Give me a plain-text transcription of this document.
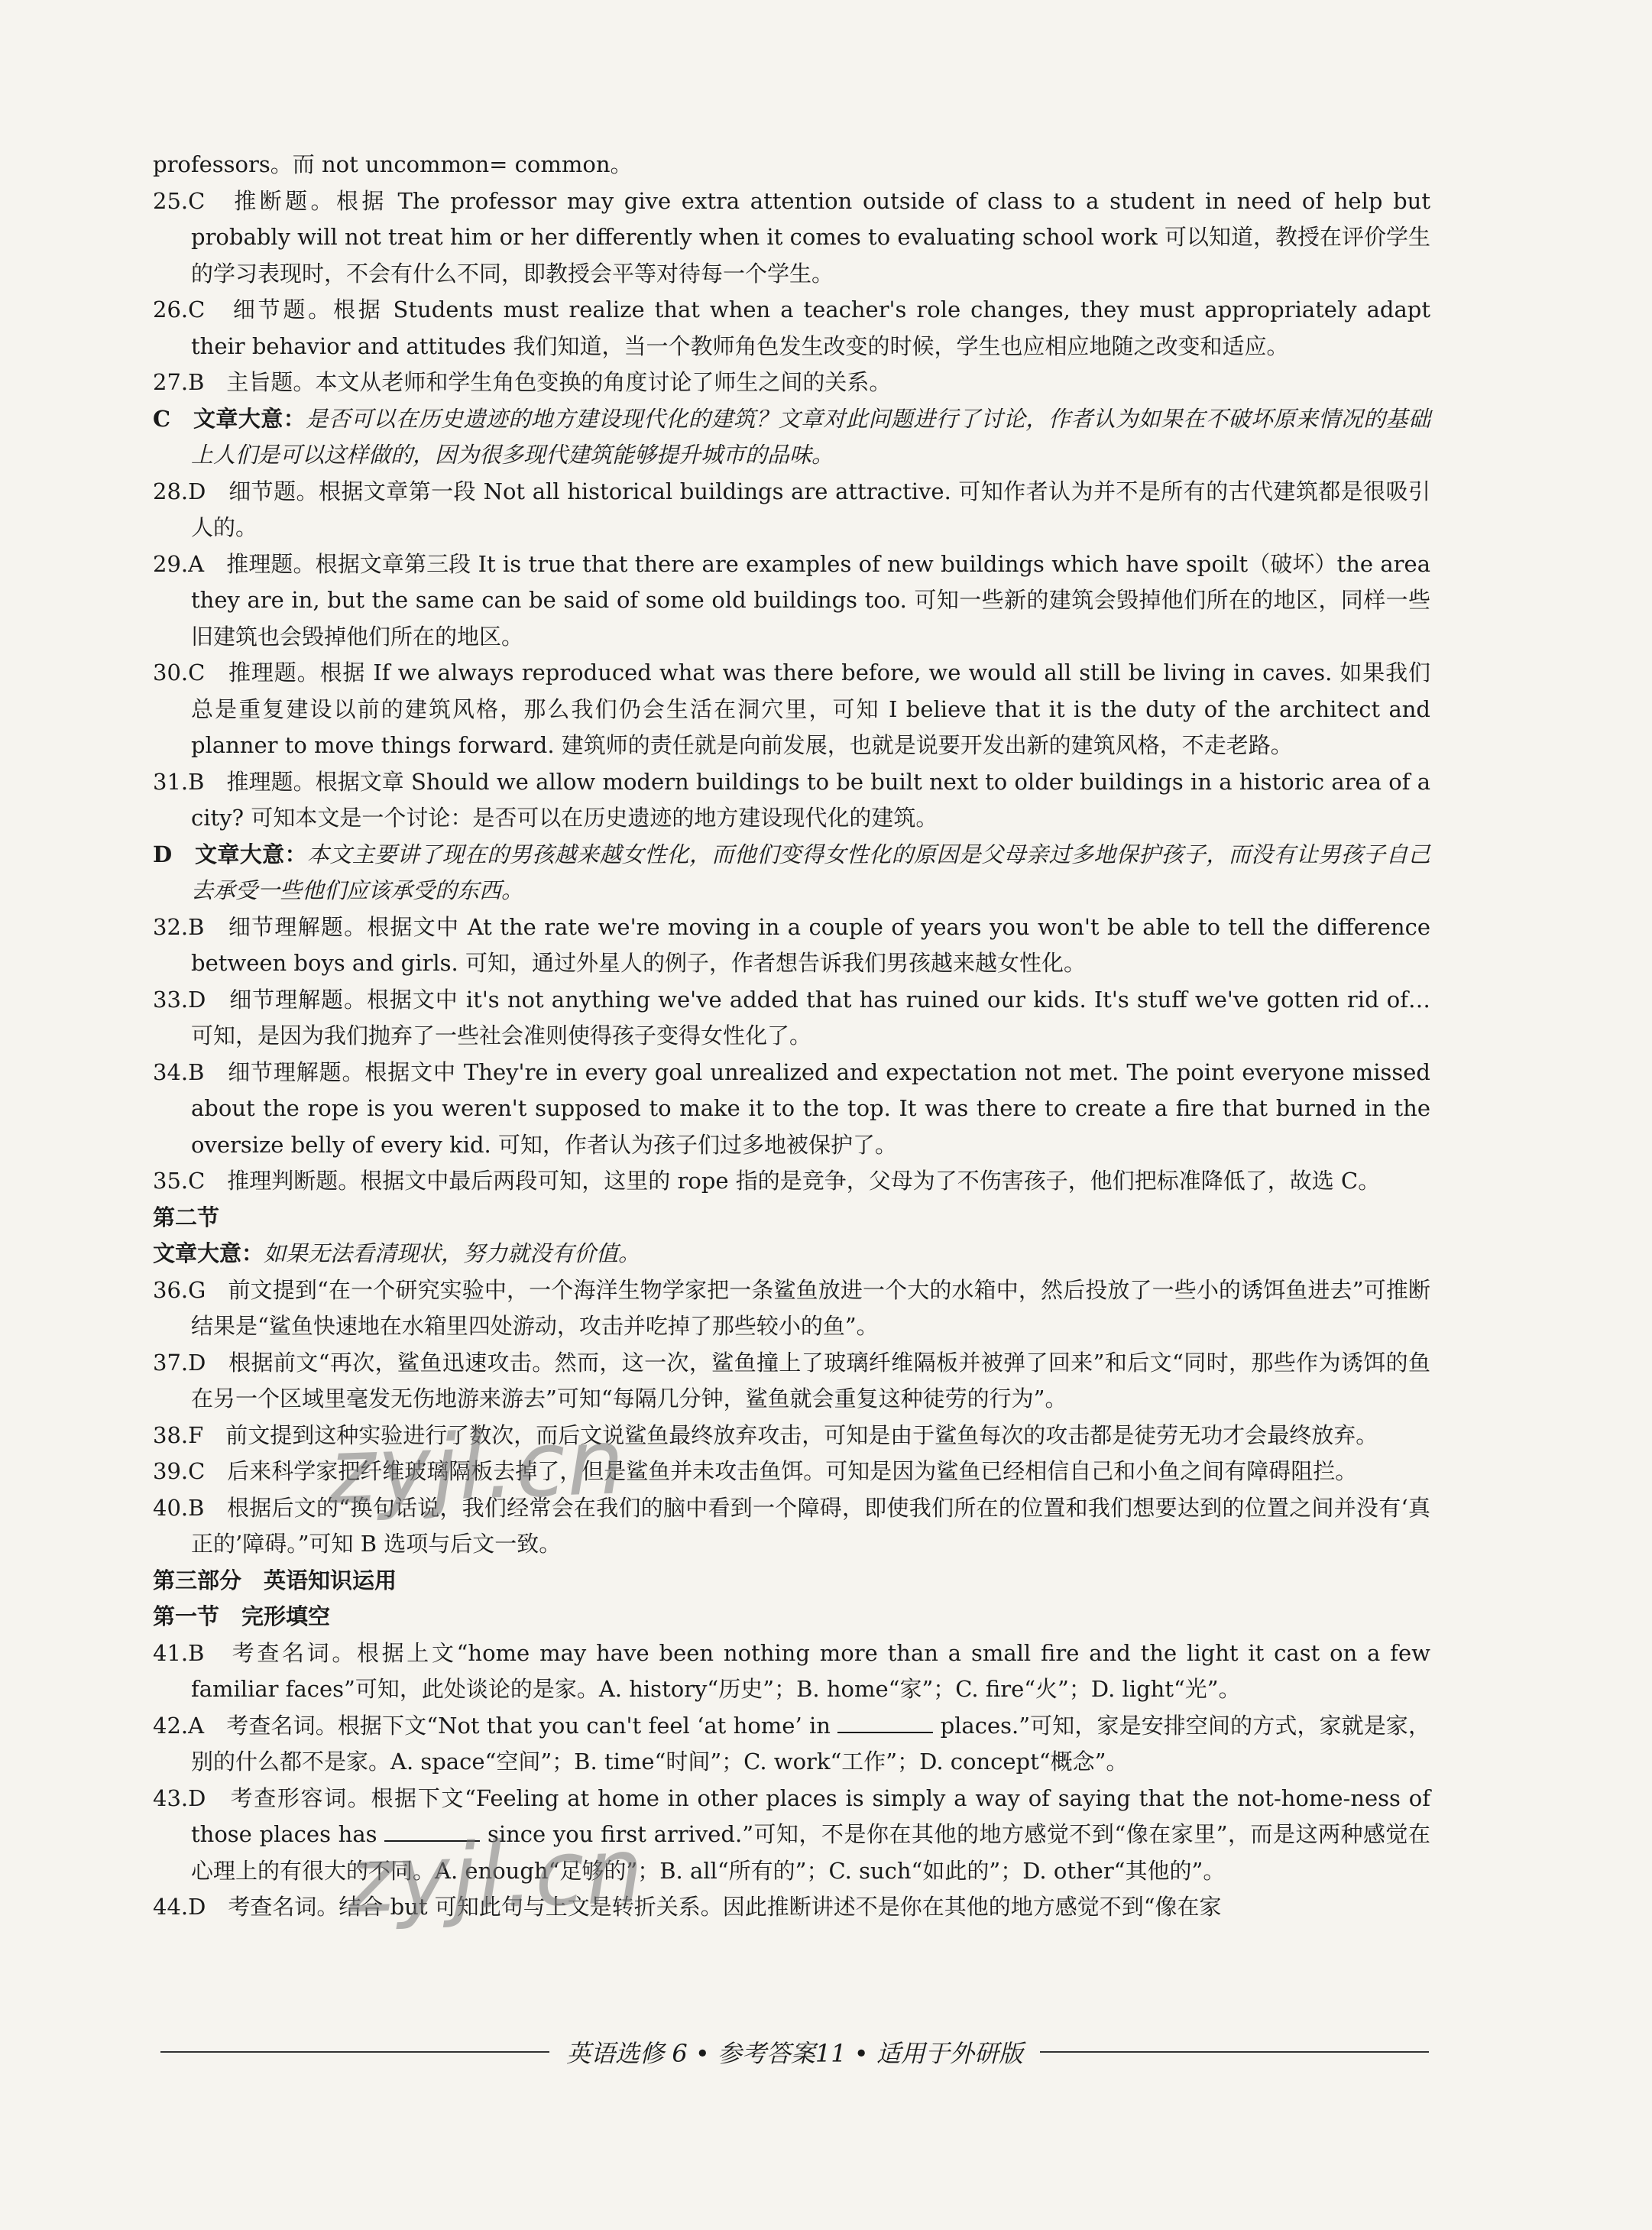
professors。而 not uncommon= common。

25.C　推断题。根据 The professor may give extra attention outside of class to a student in need of help but probably will not treat him or her differently when it comes to evaluating school work 可以知道，教授在评价学生的学习表现时，不会有什么不同，即教授会平等对待每一个学生。

26.C　细节题。根据 Students must realize that when a teacher's role changes, they must appropriately adapt their behavior and attitudes 我们知道，当一个教师角色发生改变的时候，学生也应相应地随之改变和适应。

27.B　主旨题。本文从老师和学生角色变换的角度讨论了师生之间的关系。

C　文章大意：是否可以在历史遗迹的地方建设现代化的建筑？文章对此问题进行了讨论，作者认为如果在不破坏原来情况的基础上人们是可以这样做的，因为很多现代建筑能够提升城市的品味。

28.D　细节题。根据文章第一段 Not all historical buildings are attractive. 可知作者认为并不是所有的古代建筑都是很吸引人的。

29.A　推理题。根据文章第三段 It is true that there are examples of new buildings which have spoilt（破坏）the area they are in, but the same can be said of some old buildings too. 可知一些新的建筑会毁掉他们所在的地区，同样一些旧建筑也会毁掉他们所在的地区。

30.C　推理题。根据 If we always reproduced what was there before, we would all still be living in caves. 如果我们总是重复建设以前的建筑风格，那么我们仍会生活在洞穴里，可知 I believe that it is the duty of the architect and planner to move things forward. 建筑师的责任就是向前发展，也就是说要开发出新的建筑风格，不走老路。

31.B　推理题。根据文章 Should we allow modern buildings to be built next to older buildings in a historic area of a city? 可知本文是一个讨论：是否可以在历史遗迹的地方建设现代化的建筑。

D　文章大意：本文主要讲了现在的男孩越来越女性化，而他们变得女性化的原因是父母亲过多地保护孩子，而没有让男孩子自己去承受一些他们应该承受的东西。

32.B　细节理解题。根据文中 At the rate we're moving in a couple of years you won't be able to tell the difference between boys and girls. 可知，通过外星人的例子，作者想告诉我们男孩越来越女性化。

33.D　细节理解题。根据文中 it's not anything we've added that has ruined our kids. It's stuff we've gotten rid of… 可知，是因为我们抛弃了一些社会准则使得孩子变得女性化了。

34.B　细节理解题。根据文中 They're in every goal unrealized and expectation not met. The point everyone missed about the rope is you weren't supposed to make it to the top. It was there to create a fire that burned in the oversize belly of every kid. 可知，作者认为孩子们过多地被保护了。

35.C　推理判断题。根据文中最后两段可知，这里的 rope 指的是竞争，父母为了不伤害孩子，他们把标准降低了，故选 C。

第二节

文章大意：如果无法看清现状，努力就没有价值。

36.G　前文提到“在一个研究实验中，一个海洋生物学家把一条鲨鱼放进一个大的水箱中，然后投放了一些小的诱饵鱼进去”可推断结果是“鲨鱼快速地在水箱里四处游动，攻击并吃掉了那些较小的鱼”。

37.D　根据前文“再次，鲨鱼迅速攻击。然而，这一次，鲨鱼撞上了玻璃纤维隔板并被弹了回来”和后文“同时，那些作为诱饵的鱼在另一个区域里毫发无伤地游来游去”可知“每隔几分钟，鲨鱼就会重复这种徒劳的行为”。

38.F　前文提到这种实验进行了数次，而后文说鲨鱼最终放弃攻击，可知是由于鲨鱼每次的攻击都是徒劳无功才会最终放弃。

39.C　后来科学家把纤维玻璃隔板去掉了，但是鲨鱼并未攻击鱼饵。可知是因为鲨鱼已经相信自己和小鱼之间有障碍阻拦。

40.B　根据后文的“换句话说，我们经常会在我们的脑中看到一个障碍，即使我们所在的位置和我们想要达到的位置之间并没有‘真正的’障碍。”可知 B 选项与后文一致。

第三部分　英语知识运用

第一节　完形填空

41.B　考查名词。根据上文“home may have been nothing more than a small fire and the light it cast on a few familiar faces”可知，此处谈论的是家。A. history“历史”；B. home“家”；C. fire“火”；D. light“光”。

42.A　考查名词。根据下文“Not that you can't feel ‘at home’ in	places.”可知，家是安排空间的方式，家就是家，别的什么都不是家。A. space“空间”；B. time“时间”；C. work“工作”；D. concept“概念”。

43.D　考查形容词。根据下文“Feeling at home in other places is simply a way of saying that the not-home-ness of those places has	since you first arrived.”可知，不是你在其他的地方感觉不到“像在家里”，而是这两种感觉在心理上的有很大的不同。A. enough“足够的”；B. all“所有的”；C. such“如此的”；D. other“其他的”。

44.D　考查名词。结合 but 可知此句与上文是转折关系。因此推断讲述不是你在其他的地方感觉不到“像在家

英语选修 6 • 参考答案11 • 适用于外研版
zyjl.cn
zyjl.cn
